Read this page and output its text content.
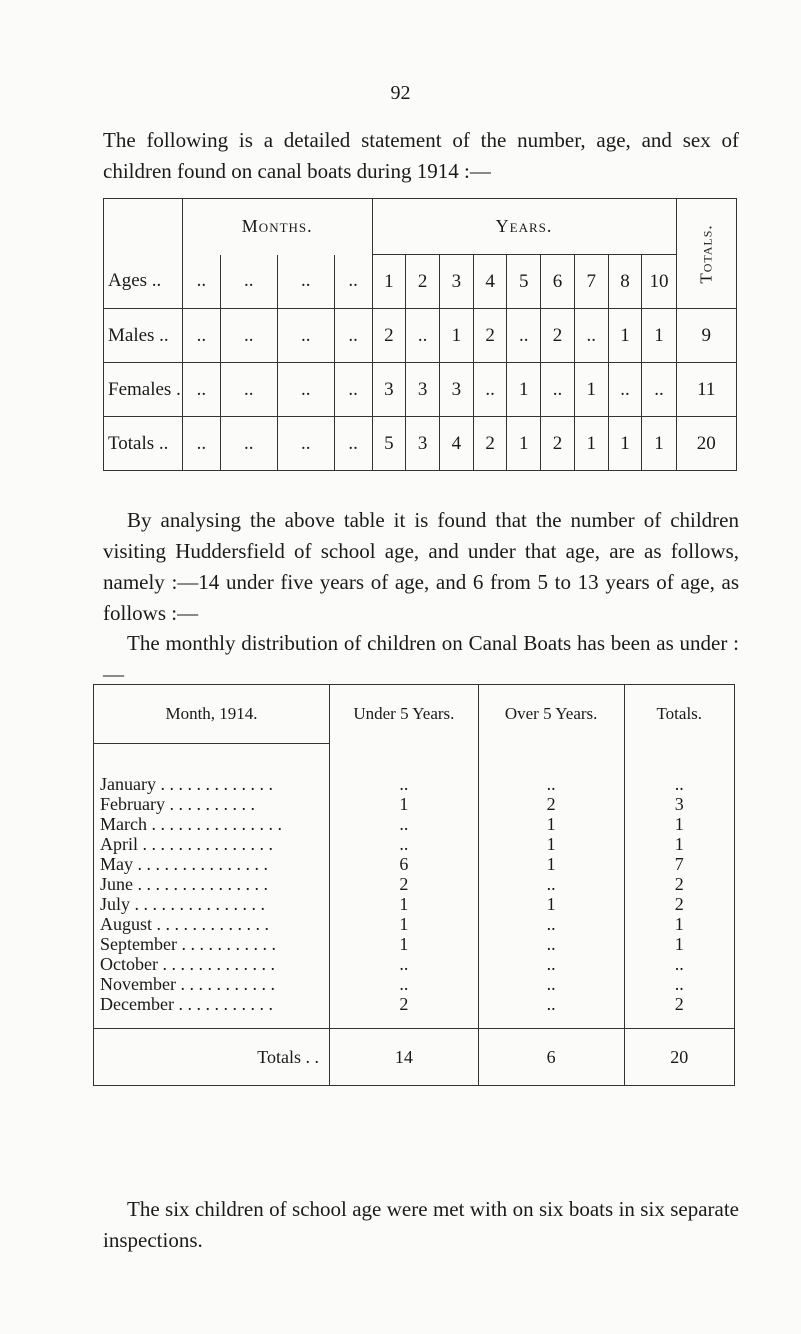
92

The following is a detailed statement of the number, age, and sex of children found on canal boats during 1914 :—

	Months.				Years.									Totals.
Ages ..	..	..	..	..	1	2	3	4	5	6	7	8	10	
Males ..	..	..	..	..	2	..	1	2	..	2	..	1	1	9
Females .	..	..	..	..	3	3	3	..	1	..	1	..	..	11
Totals ..	..	..	..	..	5	3	4	2	1	2	1	1	1	20

By analysing the above table it is found that the number of children visiting Huddersfield of school age, and under that age, are as follows, namely :—14 under five years of age, and 6 from 5 to 13 years of age, as follows :—

The monthly distribution of children on Canal Boats has been as under :—

Month, 1914.	Under 5 Years.	Over 5 Years.	Totals.

January . . . . . . . . . . . . .	..	..	..
February . . . . . . . . . .	1	2	3
March . . . . . . . . . . . . . . .	..	1	1
April . . . . . . . . . . . . . . .	..	1	1
May . . . . . . . . . . . . . . .	6	1	7
June . . . . . . . . . . . . . . .	2	..	2
July . . . . . . . . . . . . . . .	1	1	2
August . . . . . . . . . . . . .	1	..	1
September . . . . . . . . . . .	1	..	1
October . . . . . . . . . . . . .	..	..	..
November . . . . . . . . . . .	..	..	..
December . . . . . . . . . . .	2	..	2

Totals . .	14	6	20

The six children of school age were met with on six boats in six separate inspections.
